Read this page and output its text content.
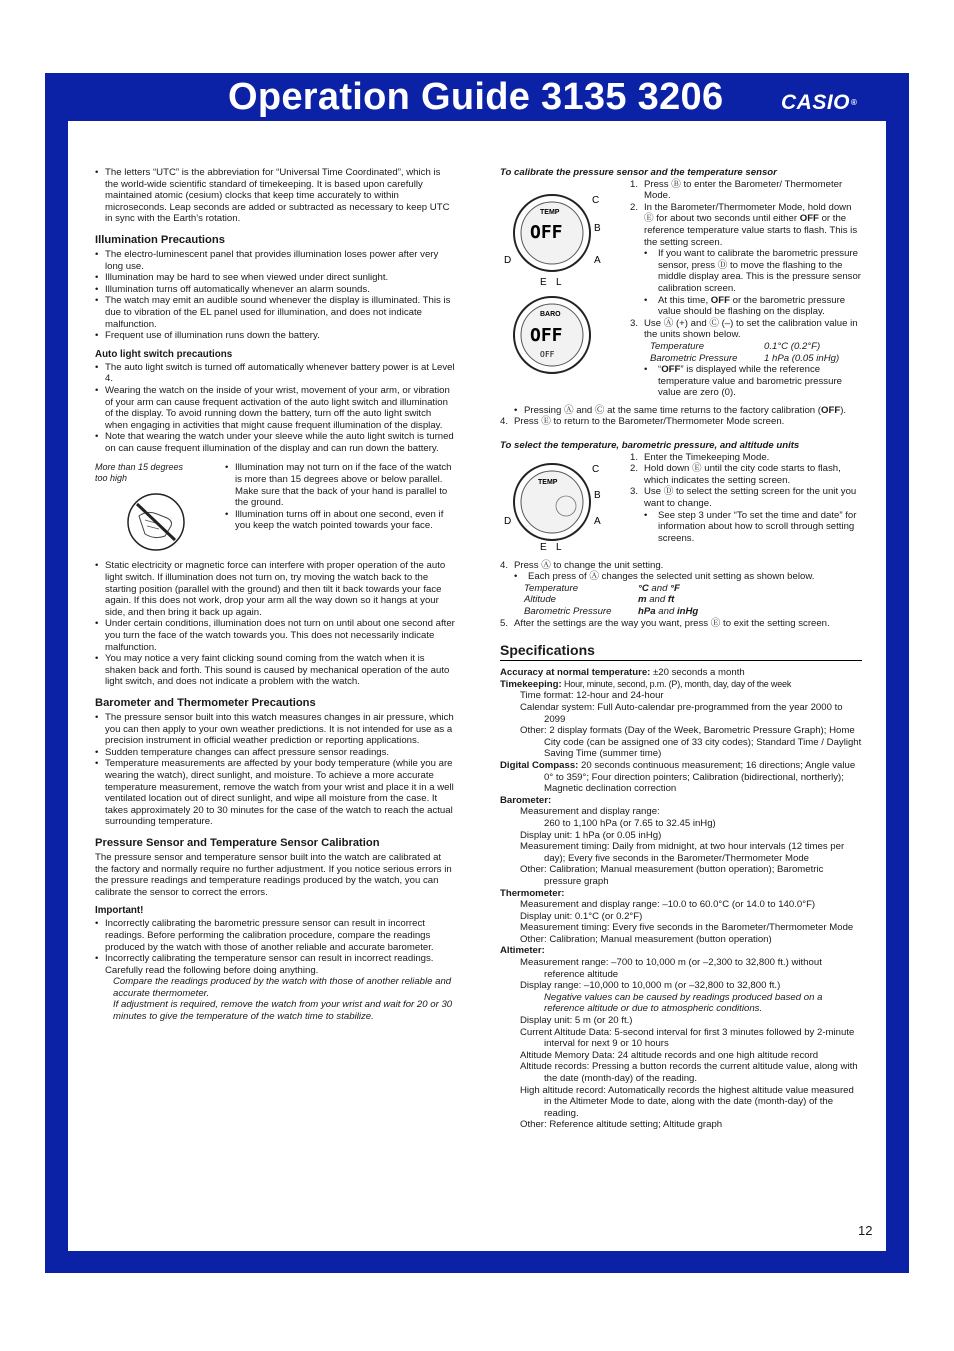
Operation Guide 3135 3206	CASIO®
• The letters “UTC” is the abbreviation for “Universal Time Coordinated”, which is the world-wide scientific standard of timekeeping. It is based upon carefully maintained atomic (cesium) clocks that keep time accurately to within microseconds. Leap seconds are added or subtracted as necessary to keep UTC in sync with the Earth’s rotation.
Illumination Precautions
• The electro-luminescent panel that provides illumination loses power after very long use.
• Illumination may be hard to see when viewed under direct sunlight.
• Illumination turns off automatically whenever an alarm sounds.
• The watch may emit an audible sound whenever the display is illuminated. This is due to vibration of the EL panel used for illumination, and does not indicate malfunction.
• Frequent use of illumination runs down the battery.
Auto light switch precautions
• The auto light switch is turned off automatically whenever battery power is at Level 4.
• Wearing the watch on the inside of your wrist, movement of your arm, or vibration of your arm can cause frequent activation of the auto light switch and illumination of the display. To avoid running down the battery, turn off the auto light switch when engaging in activities that might cause frequent illumination of the display.
• Note that wearing the watch under your sleeve while the auto light switch is turned on can cause frequent illumination of the display and can run down the battery.
More than 15 degrees too high
• Illumination may not turn on if the face of the watch is more than 15 degrees above or below parallel. Make sure that the back of your hand is parallel to the ground.
• Illumination turns off in about one second, even if you keep the watch pointed towards your face.
• Static electricity or magnetic force can interfere with proper operation of the auto light switch. If illumination does not turn on, try moving the watch back to the starting position (parallel with the ground) and then tilt it back towards your face again. If this does not work, drop your arm all the way down so it hangs at your side, and then bring it back up again.
• Under certain conditions, illumination does not turn on until about one second after you turn the face of the watch towards you. This does not necessarily indicate malfunction.
• You may notice a very faint clicking sound coming from the watch when it is shaken back and forth. This sound is caused by mechanical operation of the auto light switch, and does not indicate a problem with the watch.
Barometer and Thermometer Precautions
• The pressure sensor built into this watch measures changes in air pressure, which you can then apply to your own weather predictions. It is not intended for use as a precision instrument in official weather prediction or reporting applications.
• Sudden temperature changes can affect pressure sensor readings.
• Temperature measurements are affected by your body temperature (while you are wearing the watch), direct sunlight, and moisture. To achieve a more accurate temperature measurement, remove the watch from your wrist and place it in a well ventilated location out of direct sunlight, and wipe all moisture from the case. It takes approximately 20 to 30 minutes for the case of the watch to reach the actual surrounding temperature.
Pressure Sensor and Temperature Sensor Calibration

The pressure sensor and temperature sensor built into the watch are calibrated at the factory and normally require no further adjustment. If you notice serious errors in the pressure readings and temperature readings produced by the watch, you can calibrate the sensor to correct the errors.

Important!
• Incorrectly calibrating the barometric pressure sensor can result in incorrect readings. Before performing the calibration procedure, compare the readings produced by the watch with those of another reliable and accurate barometer.
• Incorrectly calibrating the temperature sensor can result in incorrect readings. Carefully read the following before doing anything.

Compare the readings produced by the watch with those of another reliable and accurate thermometer.

If adjustment is required, remove the watch from your wrist and wait for 20 or 30 minutes to give the temperature of the watch time to stabilize.

To calibrate the pressure sensor and the temperature sensor

TEMP
OFF
C
B
D	A
E L
BARO
OFF
OFF
1. Press Ⓑ to enter the Barometer/ Thermometer Mode.
2. In the Barometer/Thermometer Mode, hold down Ⓔ for about two seconds until either OFF or the reference temperature value starts to flash. This is the setting screen.
• If you want to calibrate the barometric pressure sensor, press Ⓓ to move the flashing to the middle display area. This is the pressure sensor calibration screen.
• At this time, OFF or the barometric pressure value should be flashing on the display.
3. Use Ⓐ (+) and Ⓒ (–) to set the calibration value in the units shown below.
Temperature	0.1°C (0.2°F)
Barometric Pressure	1 hPa (0.05 inHg)
• “OFF” is displayed while the reference temperature value and barometric pressure value are zero (0).
• Pressing Ⓐ and Ⓒ at the same time returns to the factory calibration (OFF).
4. Press Ⓔ to return to the Barometer/Thermometer Mode screen.

To select the temperature, barometric pressure, and altitude units

TEMP
C
B
D	A
E L
1. Enter the Timekeeping Mode.
2. Hold down Ⓔ until the city code starts to flash, which indicates the setting screen.
3. Use Ⓓ to select the setting screen for the unit you want to change.
• See step 3 under “To set the time and date” for information about how to scroll through setting screens.
4. Press Ⓐ to change the unit setting.
• Each press of Ⓐ changes the selected unit setting as shown below.
Temperature	°C and °F
Altitude	m and ft
Barometric Pressure	hPa and inHg
5. After the settings are the way you want, press Ⓔ to exit the setting screen.
Specifications

Accuracy at normal temperature: ±20 seconds a month

Timekeeping: Hour, minute, second, p.m. (P), month, day, day of the week

Time format: 12-hour and 24-hour

Calendar system: Full Auto-calendar pre-programmed from the year 2000 to 2099

Other: 2 display formats (Day of the Week, Barometric Pressure Graph); Home City code (can be assigned one of 33 city codes); Standard Time / Daylight Saving Time (summer time)

Digital Compass: 20 seconds continuous measurement; 16 directions; Angle value 0° to 359°; Four direction pointers; Calibration (bidirectional, northerly); Magnetic declination correction

Barometer:

Measurement and display range:

260 to 1,100 hPa (or 7.65 to 32.45 inHg)

Display unit: 1 hPa (or 0.05 inHg)

Measurement timing: Daily from midnight, at two hour intervals (12 times per day); Every five seconds in the Barometer/Thermometer Mode

Other: Calibration; Manual measurement (button operation); Barometric pressure graph

Thermometer:

Measurement and display range: –10.0 to 60.0°C (or 14.0 to 140.0°F)

Display unit: 0.1°C (or 0.2°F)

Measurement timing: Every five seconds in the Barometer/Thermometer Mode

Other: Calibration; Manual measurement (button operation)

Altimeter:

Measurement range: –700 to 10,000 m (or –2,300 to 32,800 ft.) without reference altitude

Display range: –10,000 to 10,000 m (or –32,800 to 32,800 ft.)

Negative values can be caused by readings produced based on a reference altitude or due to atmospheric conditions.

Display unit: 5 m (or 20 ft.)

Current Altitude Data: 5-second interval for first 3 minutes followed by 2-minute interval for next 9 or 10 hours

Altitude Memory Data: 24 altitude records and one high altitude record

Altitude records: Pressing a button records the current altitude value, along with the date (month-day) of the reading.

High altitude record: Automatically records the highest altitude value measured in the Altimeter Mode to date, along with the date (month-day) of the reading.

Other: Reference altitude setting; Altitude graph

12
